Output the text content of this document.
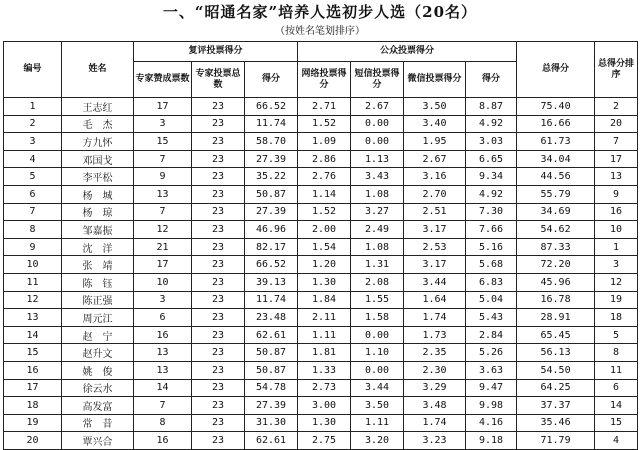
一、“昭通名家”培养人选初步人选（20名）
（按姓名笔划排序）
编号	姓名	复评投票得分			公众投票得分				总得分	总得分排序
		专家赞成票数	专家投票总数	得分	网络投票得分	短信投票得分	微信投票得分	得分		
1	王志红	17	23	66.52	2.71	2.67	3.50	8.87	75.40	2
2	毛　杰	3	23	11.74	1.52	0.00	3.40	4.92	16.66	20
3	方九怀	15	23	58.70	1.09	0.00	1.95	3.03	61.73	7
4	邓国戈	7	23	27.39	2.86	1.13	2.67	6.65	34.04	17
5	李平松	9	23	35.22	2.76	3.43	3.16	9.34	44.56	13
6	杨　城	13	23	50.87	1.14	1.08	2.70	4.92	55.79	9
7	杨　琼	7	23	27.39	1.52	3.27	2.51	7.30	34.69	16
8	邹嘉振	12	23	46.96	2.00	2.49	3.17	7.66	54.62	10
9	沈　洋	21	23	82.17	1.54	1.08	2.53	5.16	87.33	1
10	张　靖	17	23	66.52	1.20	1.31	3.17	5.68	72.20	3
11	陈　钰	10	23	39.13	1.30	2.08	3.44	6.83	45.96	12
12	陈正强	3	23	11.74	1.84	1.55	1.64	5.04	16.78	19
13	周元江	6	23	23.48	2.11	1.58	1.74	5.43	28.91	18
14	赵　宁	16	23	62.61	1.11	0.00	1.73	2.84	65.45	5
15	赵升文	13	23	50.87	1.81	1.10	2.35	5.26	56.13	8
16	姚　俊	13	23	50.87	1.33	0.00	2.30	3.63	54.50	11
17	徐云水	14	23	54.78	2.73	3.44	3.29	9.47	64.25	6
18	高发富	7	23	27.39	3.00	3.50	3.48	9.98	37.37	14
19	常　昔	8	23	31.30	1.30	1.11	1.74	4.16	35.46	15
20	覃兴合	16	23	62.61	2.75	3.20	3.23	9.18	71.79	4
